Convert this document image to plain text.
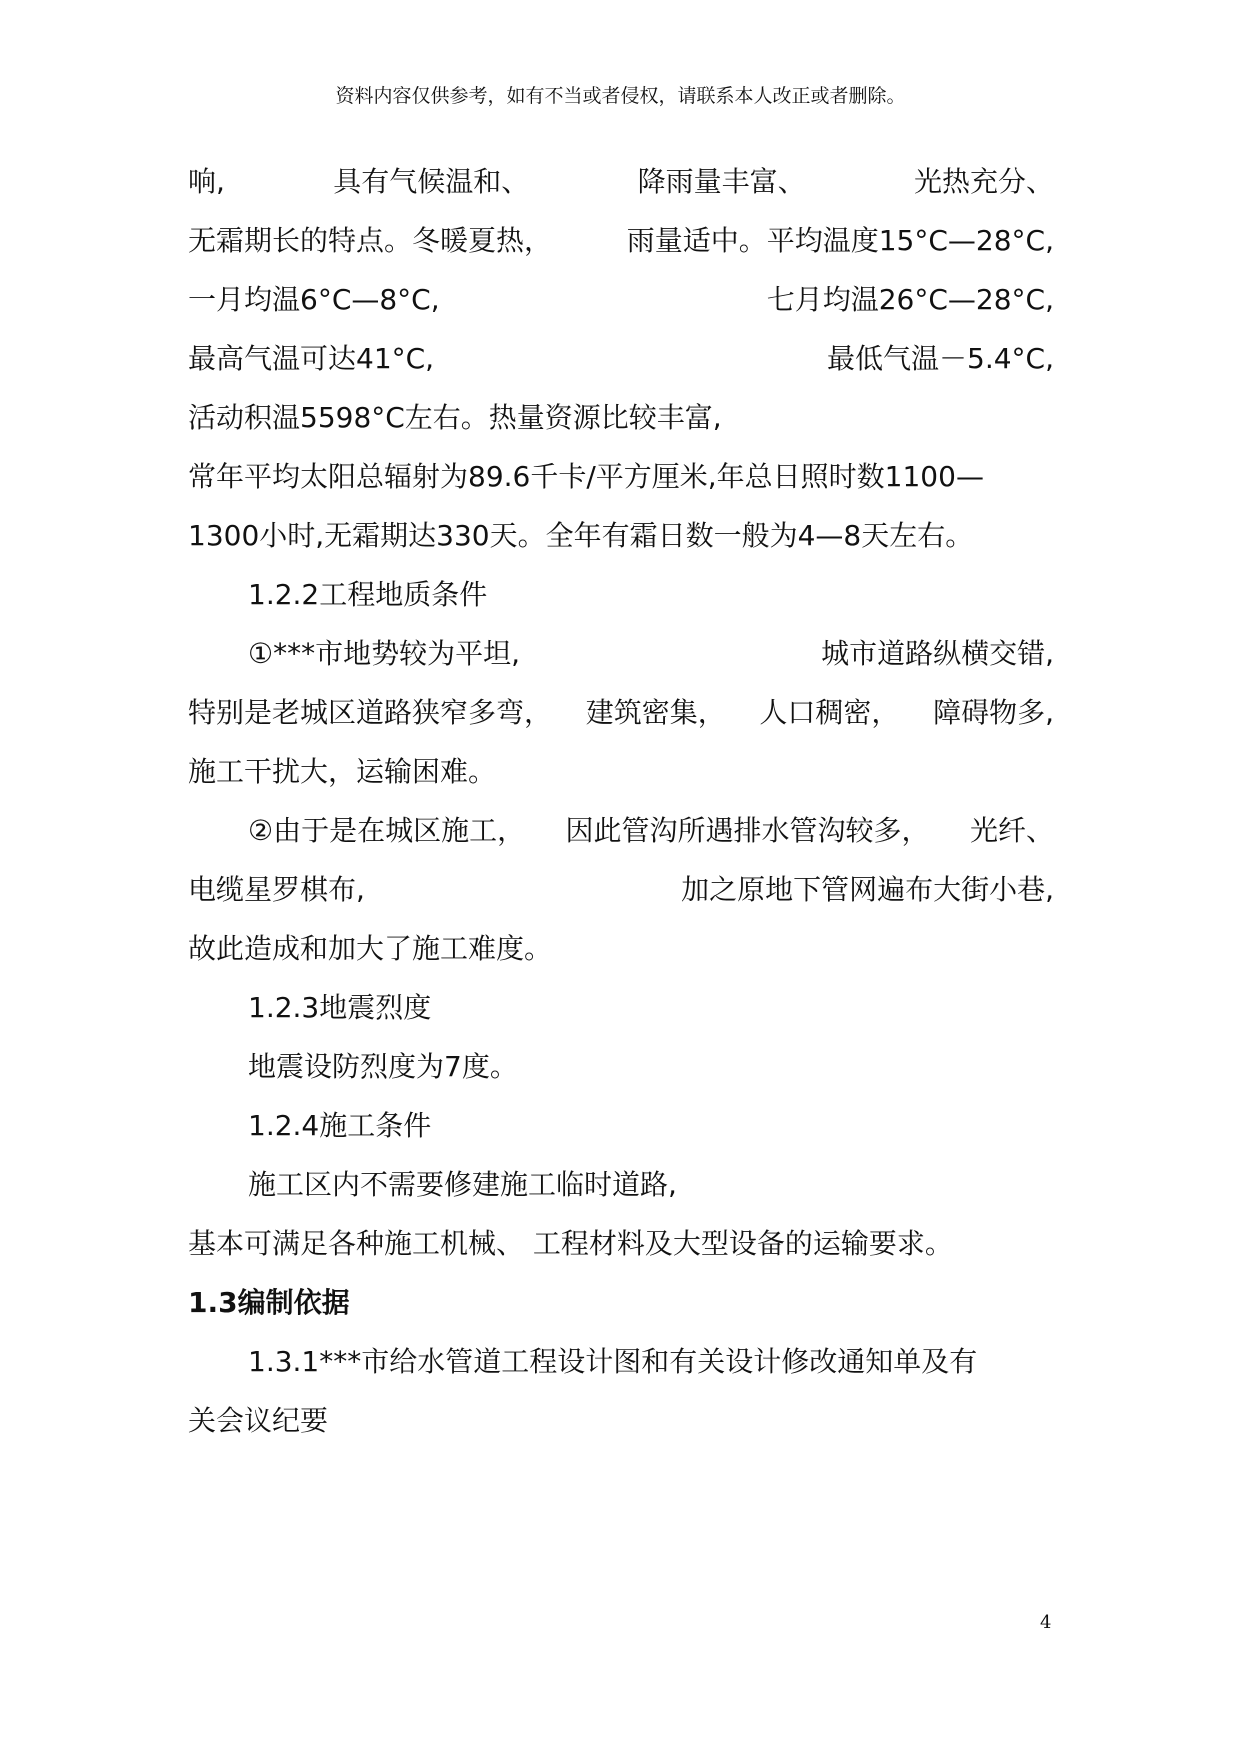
资料内容仅供参考，如有不当或者侵权，请联系本人改正或者删除。
响,	具有气候温和、	降雨量丰富、	光热充分、
无霜期长的特点。冬暖夏热，	雨量适中。平均温度15°C—28°C,
一月均温6°C—8°C,	七月均温26°C—28°C,
最高气温可达41°C,	最低气温－5.4°C,
活动积温5598°C左右。热量资源比较丰富,
常年平均太阳总辐射为89.6千卡/平方厘米,年总日照时数1100—
1300小时,无霜期达330天。全年有霜日数一般为4—8天左右。
1.2.2工程地质条件
①***市地势较为平坦,	城市道路纵横交错,
特别是老城区道路狭窄多弯， 建筑密集， 人口稠密， 障碍物多,
施工干扰大，运输困难。
②由于是在城区施工， 因此管沟所遇排水管沟较多， 光纤、
电缆星罗棋布,	加之原地下管网遍布大街小巷,
故此造成和加大了施工难度。
1.2.3地震烈度
地震设防烈度为7度。
1.2.4施工条件
施工区内不需要修建施工临时道路,
基本可满足各种施工机械、 工程材料及大型设备的运输要求。
1.3编制依据
1.3.1***市给水管道工程设计图和有关设计修改通知单及有
关会议纪要
4
